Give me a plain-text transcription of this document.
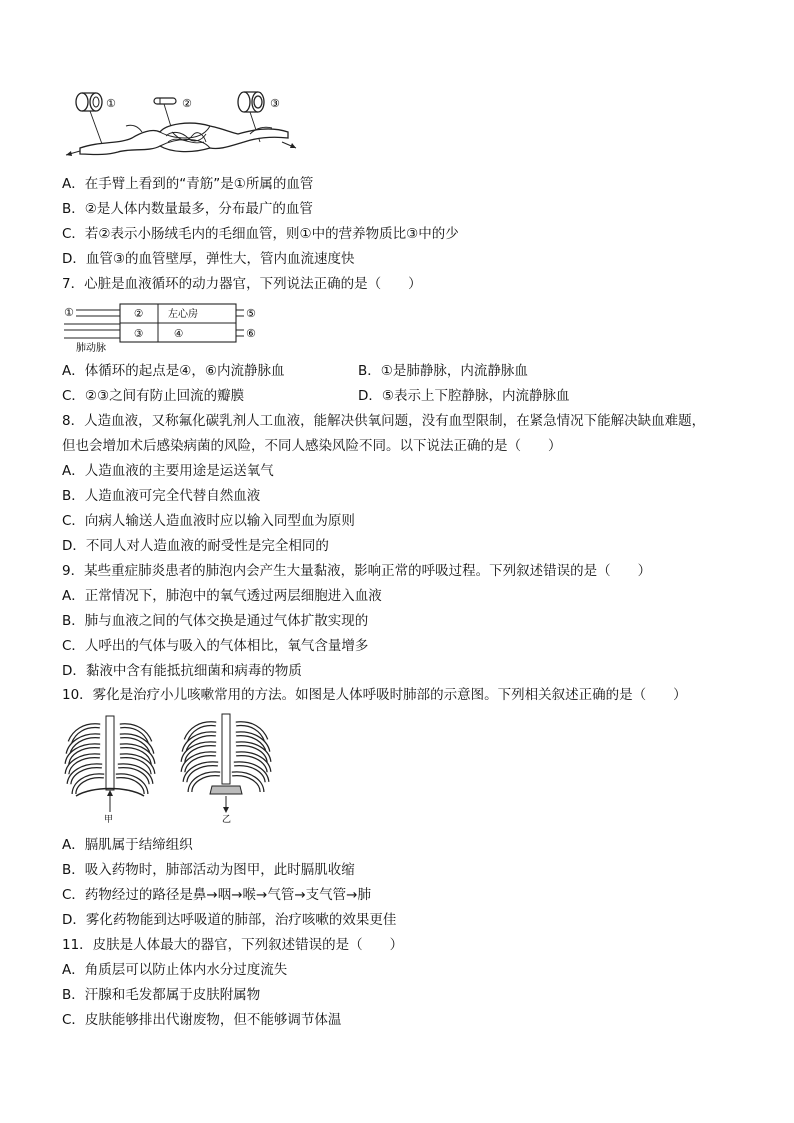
①	②	③
A．在手臂上看到的“青筋”是①所属的血管
B．②是人体内数量最多，分布最广的血管
C．若②表示小肠绒毛内的毛细血管，则①中的营养物质比③中的少
D．血管③的血管壁厚，弹性大，管内血流速度快
7．心脏是血液循环的动力器官，下列说法正确的是（　　）
①	② 左心房
③	④
⑤
⑥
肺动脉
A．体循环的起点是④，⑥内流静脉血	B．①是肺静脉，内流静脉血
C．②③之间有防止回流的瓣膜	D．⑤表示上下腔静脉，内流静脉血
8．人造血液，又称氟化碳乳剂人工血液，能解决供氧问题，没有血型限制，在紧急情况下能解决缺血难题，
但也会增加术后感染病菌的风险，不同人感染风险不同。以下说法正确的是（　　）
A．人造血液的主要用途是运送氧气
B．人造血液可完全代替自然血液
C．向病人输送人造血液时应以输入同型血为原则
D．不同人对人造血液的耐受性是完全相同的
9．某些重症肺炎患者的肺泡内会产生大量黏液，影响正常的呼吸过程。下列叙述错误的是（　　）
A．正常情况下，肺泡中的氧气透过两层细胞进入血液
B．肺与血液之间的气体交换是通过气体扩散实现的
C．人呼出的气体与吸入的气体相比，氧气含量增多
D．黏液中含有能抵抗细菌和病毒的物质
10．雾化是治疗小儿咳嗽常用的方法。如图是人体呼吸时肺部的示意图。下列相关叙述正确的是（　　）
甲	乙
A．膈肌属于结缔组织
B．吸入药物时，肺部活动为图甲，此时膈肌收缩
C．药物经过的路径是鼻→咽→喉→气管→支气管→肺
D．雾化药物能到达呼吸道的肺部，治疗咳嗽的效果更佳
11．皮肤是人体最大的器官，下列叙述错误的是（　　）
A．角质层可以防止体内水分过度流失
B．汗腺和毛发都属于皮肤附属物
C．皮肤能够排出代谢废物，但不能够调节体温
